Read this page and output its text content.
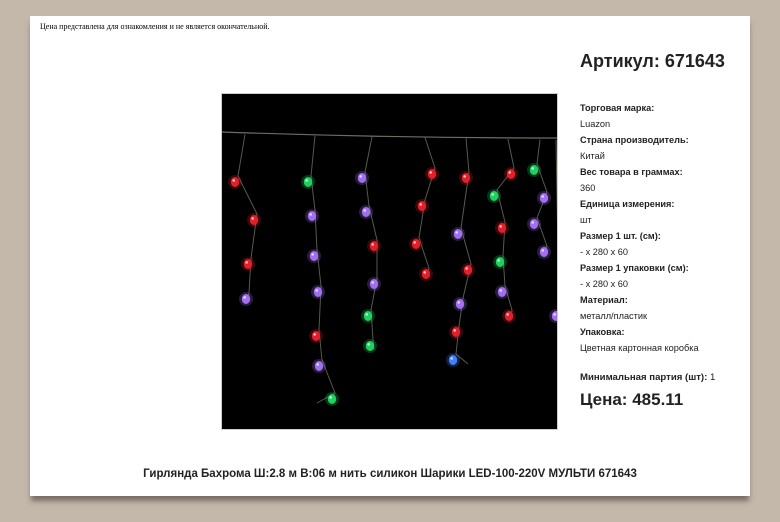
Цена представлена для ознакомления и не является окончательной.
Артикул: 671643
Торговая марка:
Luazon
Страна производитель:
Китай
Вес товара в граммах:
360
Единица измерения:
шт
Размер 1 шт. (см):
- x 280 x 60
Размер 1 упаковки (см):
- x 280 x 60
Материал:
металл/пластик
Упаковка:
Цветная картонная коробка
Минимальная партия (шт): 1
Цена: 485.11
Гирлянда Бахрома Ш:2.8 м В:06 м нить силикон Шарики LED-100-220V МУЛЬТИ 671643
